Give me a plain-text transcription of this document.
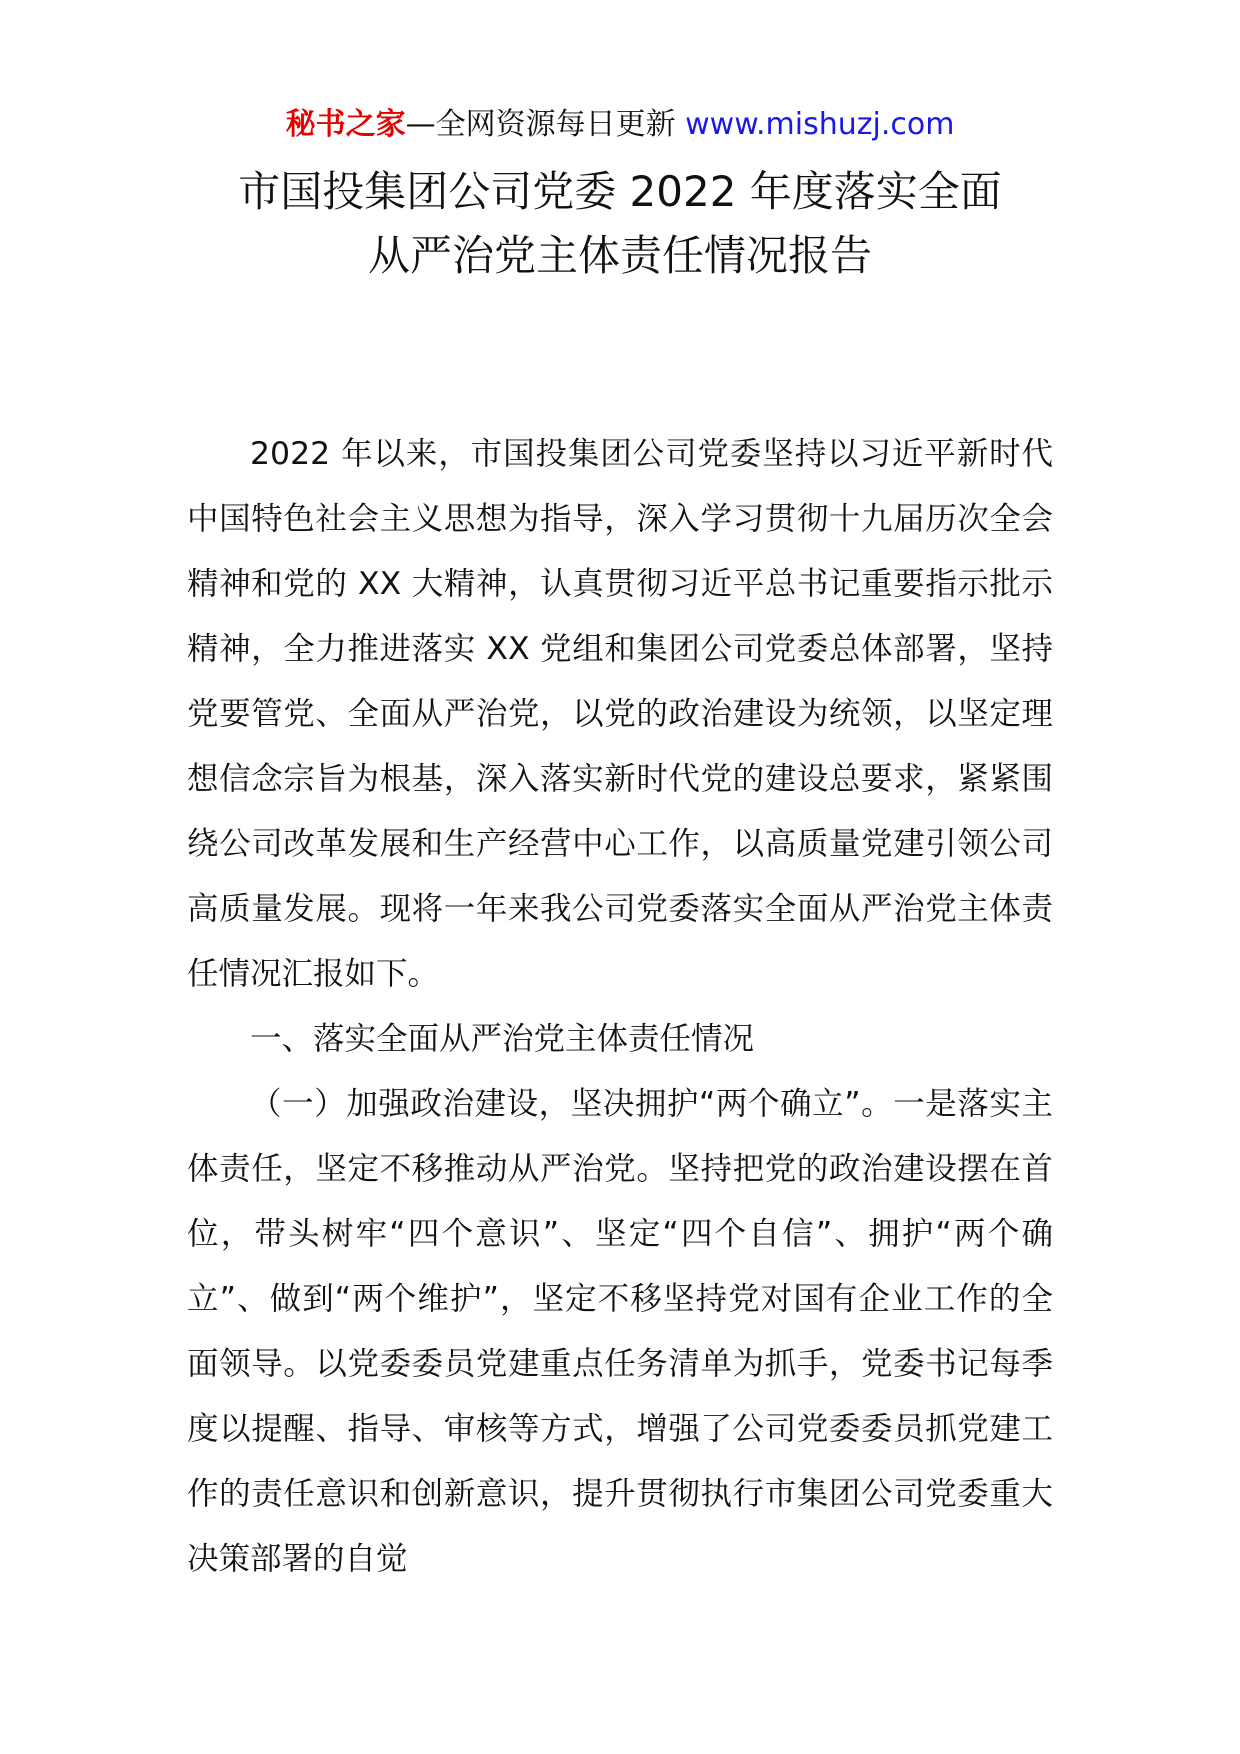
秘书之家—全网资源每日更新 www.mishuzj.com
市国投集团公司党委 2022 年度落实全面
从严治党主体责任情况报告

2022 年以来，市国投集团公司党委坚持以习近平新时代中国特色社会主义思想为指导，深入学习贯彻十九届历次全会精神和党的 XX 大精神，认真贯彻习近平总书记重要指示批示精神，全力推进落实 XX 党组和集团公司党委总体部署，坚持党要管党、全面从严治党，以党的政治建设为统领，以坚定理想信念宗旨为根基，深入落实新时代党的建设总要求，紧紧围绕公司改革发展和生产经营中心工作，以高质量党建引领公司高质量发展。现将一年来我公司党委落实全面从严治党主体责任情况汇报如下。

一、落实全面从严治党主体责任情况

（一）加强政治建设，坚决拥护“两个确立”。一是落实主体责任，坚定不移推动从严治党。坚持把党的政治建设摆在首位，带头树牢“四个意识”、坚定“四个自信”、拥护“两个确立”、做到“两个维护”，坚定不移坚持党对国有企业工作的全面领导。以党委委员党建重点任务清单为抓手，党委书记每季度以提醒、指导、审核等方式，增强了公司党委委员抓党建工作的责任意识和创新意识，提升贯彻执行市集团公司党委重大决策部署的自觉
